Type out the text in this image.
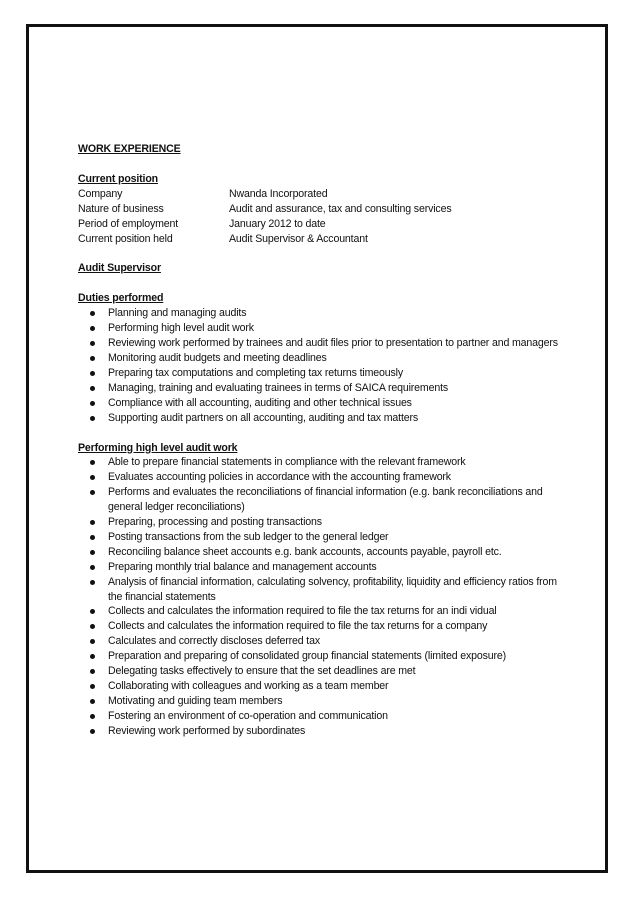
WORK EXPERIENCE

Current position

Company	Nwanda Incorporated
Nature of business	Audit and assurance, tax and consulting services
Period of employment	January 2012 to date
Current position held	Audit Supervisor & Accountant

Audit Supervisor

Duties performed

Planning and managing audits
Performing high level audit work
Reviewing work performed by trainees and audit files prior to presentation to partner and managers
Monitoring audit budgets and meeting deadlines
Preparing tax computations and completing tax returns timeously
Managing, training and evaluating trainees in terms of SAICA requirements
Compliance with all accounting, auditing and other technical issues
Supporting audit partners on all accounting, auditing and tax matters

Performing high level audit work

Able to prepare financial statements in compliance with the relevant framework
Evaluates accounting policies in accordance with the accounting framework
Performs and evaluates the reconciliations of financial information (e.g. bank reconciliations and general ledger reconciliations)
Preparing, processing and posting transactions
Posting transactions from the sub ledger to the general ledger
Reconciling balance sheet accounts e.g. bank accounts, accounts payable, payroll etc.
Preparing monthly trial balance and management accounts
Analysis of financial information, calculating solvency, profitability, liquidity and efficiency ratios from the financial statements
Collects and calculates the information required to file the tax returns for an indi vidual
Collects and calculates the information required to file the tax returns for a company
Calculates and correctly discloses deferred tax
Preparation and preparing of consolidated group financial statements (limited exposure)
Delegating tasks effectively to ensure that the set deadlines are met
Collaborating with colleagues and working as a team member
Motivating and guiding team members
Fostering an environment of co-operation and communication
Reviewing work performed by subordinates
